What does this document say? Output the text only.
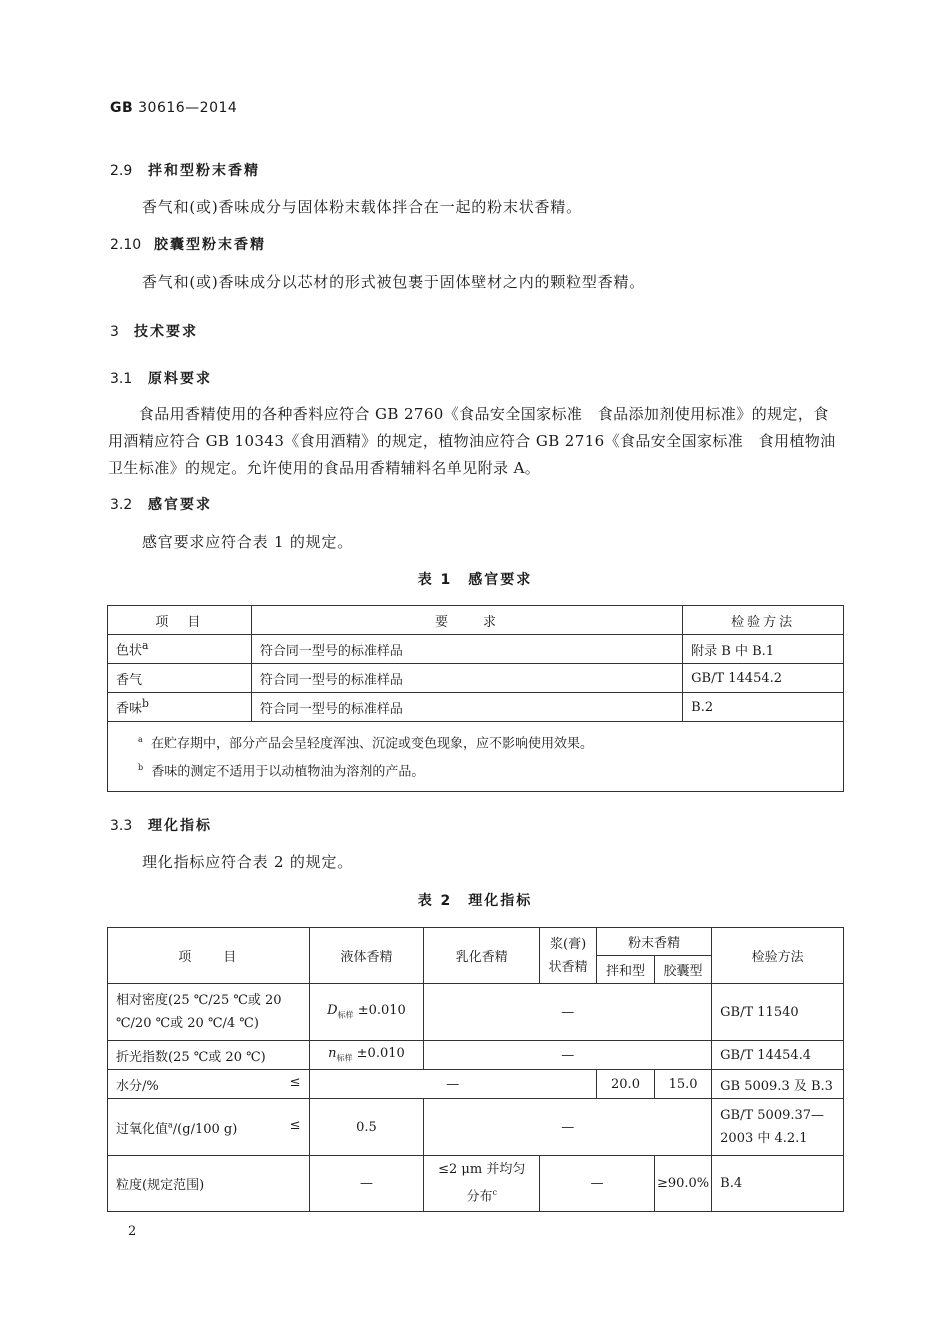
GB 30616—2014
2.9 拌和型粉末香精
香气和(或)香味成分与固体粉末载体拌合在一起的粉末状香精。
2.10 胶囊型粉末香精
香气和(或)香味成分以芯材的形式被包裹于固体壁材之内的颗粒型香精。
3 技术要求
3.1 原料要求
　　食品用香精使用的各种香料应符合 GB 2760《食品安全国家标准　食品添加剂使用标准》的规定，食用酒精应符合 GB 10343《食用酒精》的规定，植物油应符合 GB 2716《食品安全国家标准　食用植物油卫生标准》的规定。允许使用的食品用香精辅料名单见附录 A。
3.2 感官要求
感官要求应符合表 1 的规定。
表 1　感官要求
项　目	要　　求	检验方法
色状$^a$	符合同一型号的标准样品	附录 B 中 B.1
香气	符合同一型号的标准样品	GB/T 14454.2
香味$^b$	符合同一型号的标准样品	B.2

$^a$ 在贮存期中，部分产品会呈轻度浑浊、沉淀或变色现象，应不影响使用效果。
$^b$ 香味的测定不适用于以动植物油为溶剂的产品。		
3.3 理化指标
理化指标应符合表 2 的规定。
表 2　理化指标
项　　目	液体香精	乳化香精	浆(膏)状香精	粉末香精		检验方法
				拌和型	胶囊型	
相对密度(25 ℃/25 ℃或 20 ℃/20 ℃或 20 ℃/4 ℃)	$D_{标样} \pm 0.010$	—				GB/T 11540
折光指数(25 ℃或 20 ℃)	$n_{标样} \pm 0.010$	—				GB/T 14454.4
水分/% ≤	—			20.0	15.0	GB 5009.3 及 B.3
过氧化值$^a$/(g/100 g) ≤	0.5	—				GB/T 5009.37—2003 中 4.2.1
粒度(规定范围)	—	≤2 μm 并均匀分布$^c$	—		≥90.0%	B.4
2
